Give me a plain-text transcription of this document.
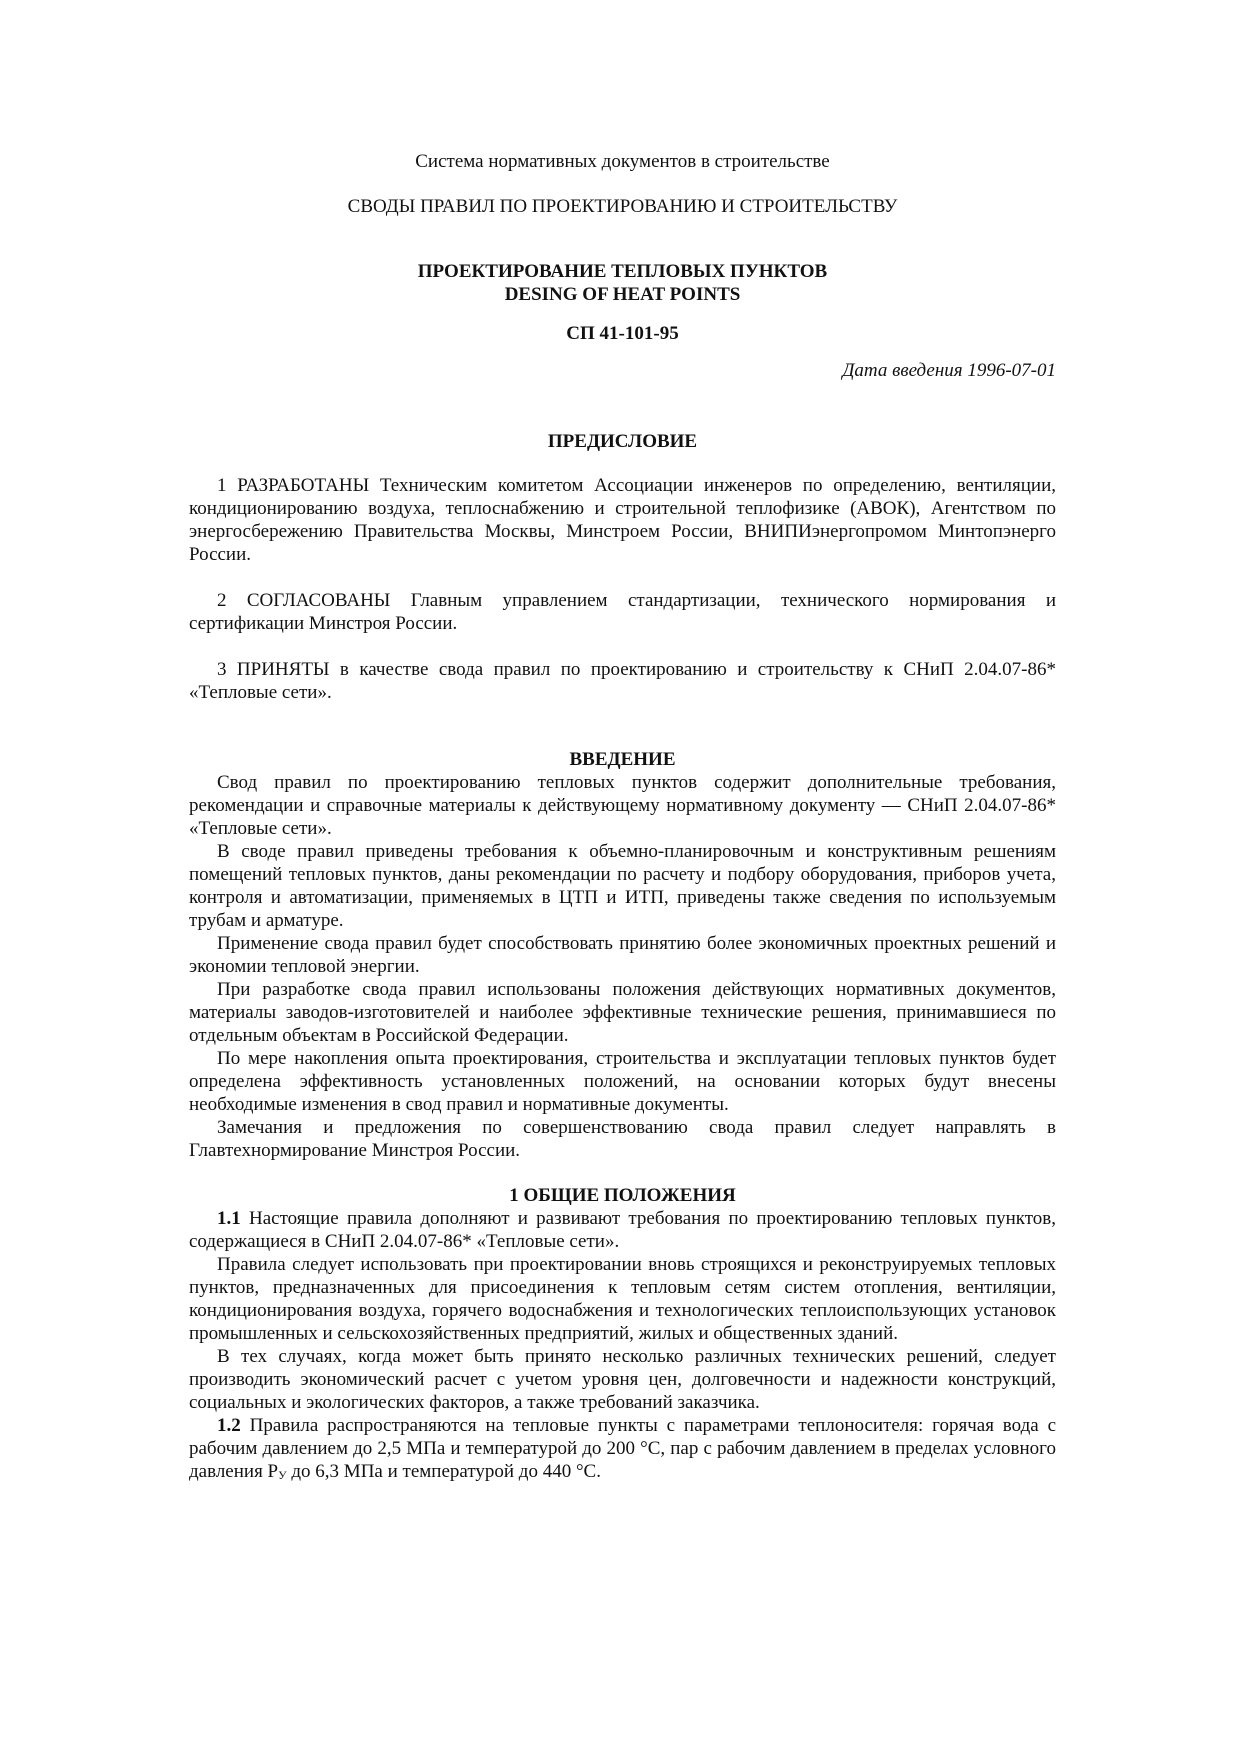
Система нормативных документов в строительстве

СВОДЫ ПРАВИЛ ПО ПРОЕКТИРОВАНИЮ И СТРОИТЕЛЬСТВУ

ПРОЕКТИРОВАНИЕ ТЕПЛОВЫХ ПУНКТОВ
DESING OF HEAT POINTS

СП 41-101-95

Дата введения 1996-07-01

ПРЕДИСЛОВИЕ

1 РАЗРАБОТАНЫ Техническим комитетом Ассоциации инженеров по определению, вентиляции, кондиционированию воздуха, теплоснабжению и строительной теплофизике (АВОК), Агентством по энергосбережению Правительства Москвы, Минстроем России, ВНИПИэнергопромом Минтопэнерго России.

2 СОГЛАСОВАНЫ Главным управлением стандартизации, технического нормирования и сертификации Минстроя России.

3 ПРИНЯТЫ в качестве свода правил по проектированию и строительству к СНиП 2.04.07-86* «Тепловые сети».

ВВЕДЕНИЕ

Свод правил по проектированию тепловых пунктов содержит дополнительные требования, рекомендации и справочные материалы к действующему нормативному документу — СНиП 2.04.07-86* «Тепловые сети».

В своде правил приведены требования к объемно-планировочным и конструктивным решениям помещений тепловых пунктов, даны рекомендации по расчету и подбору оборудования, приборов учета, контроля и автоматизации, применяемых в ЦТП и ИТП, приведены также сведения по используемым трубам и арматуре.

Применение свода правил будет способствовать принятию более экономичных проектных решений и экономии тепловой энергии.

При разработке свода правил использованы положения действующих нормативных документов, материалы заводов-изготовителей и наиболее эффективные технические решения, принимавшиеся по отдельным объектам в Российской Федерации.

По мере накопления опыта проектирования, строительства и эксплуатации тепловых пунктов будет определена эффективность установленных положений, на основании которых будут внесены необходимые изменения в свод правил и нормативные документы.

Замечания и предложения по совершенствованию свода правил следует направлять в Главтехнормирование Минстроя России.

1 ОБЩИЕ ПОЛОЖЕНИЯ

1.1 Настоящие правила дополняют и развивают требования по проектированию тепловых пунктов, содержащиеся в СНиП 2.04.07-86* «Тепловые сети».

Правила следует использовать при проектировании вновь строящихся и реконструируемых тепловых пунктов, предназначенных для присоединения к тепловым сетям систем отопления, вентиляции, кондиционирования воздуха, горячего водоснабжения и технологических теплоиспользующих установок промышленных и сельскохозяйственных предприятий, жилых и общественных зданий.

В тех случаях, когда может быть принято несколько различных технических решений, следует производить экономический расчет с учетом уровня цен, долговечности и надежности конструкций, социальных и экологических факторов, а также требований заказчика.

1.2 Правила распространяются на тепловые пункты с параметрами теплоносителя: горячая вода с рабочим давлением до 2,5 МПа и температурой до 200 °С, пар с рабочим давлением в пределах условного давления РУ до 6,3 МПа и температурой до 440 °С.
